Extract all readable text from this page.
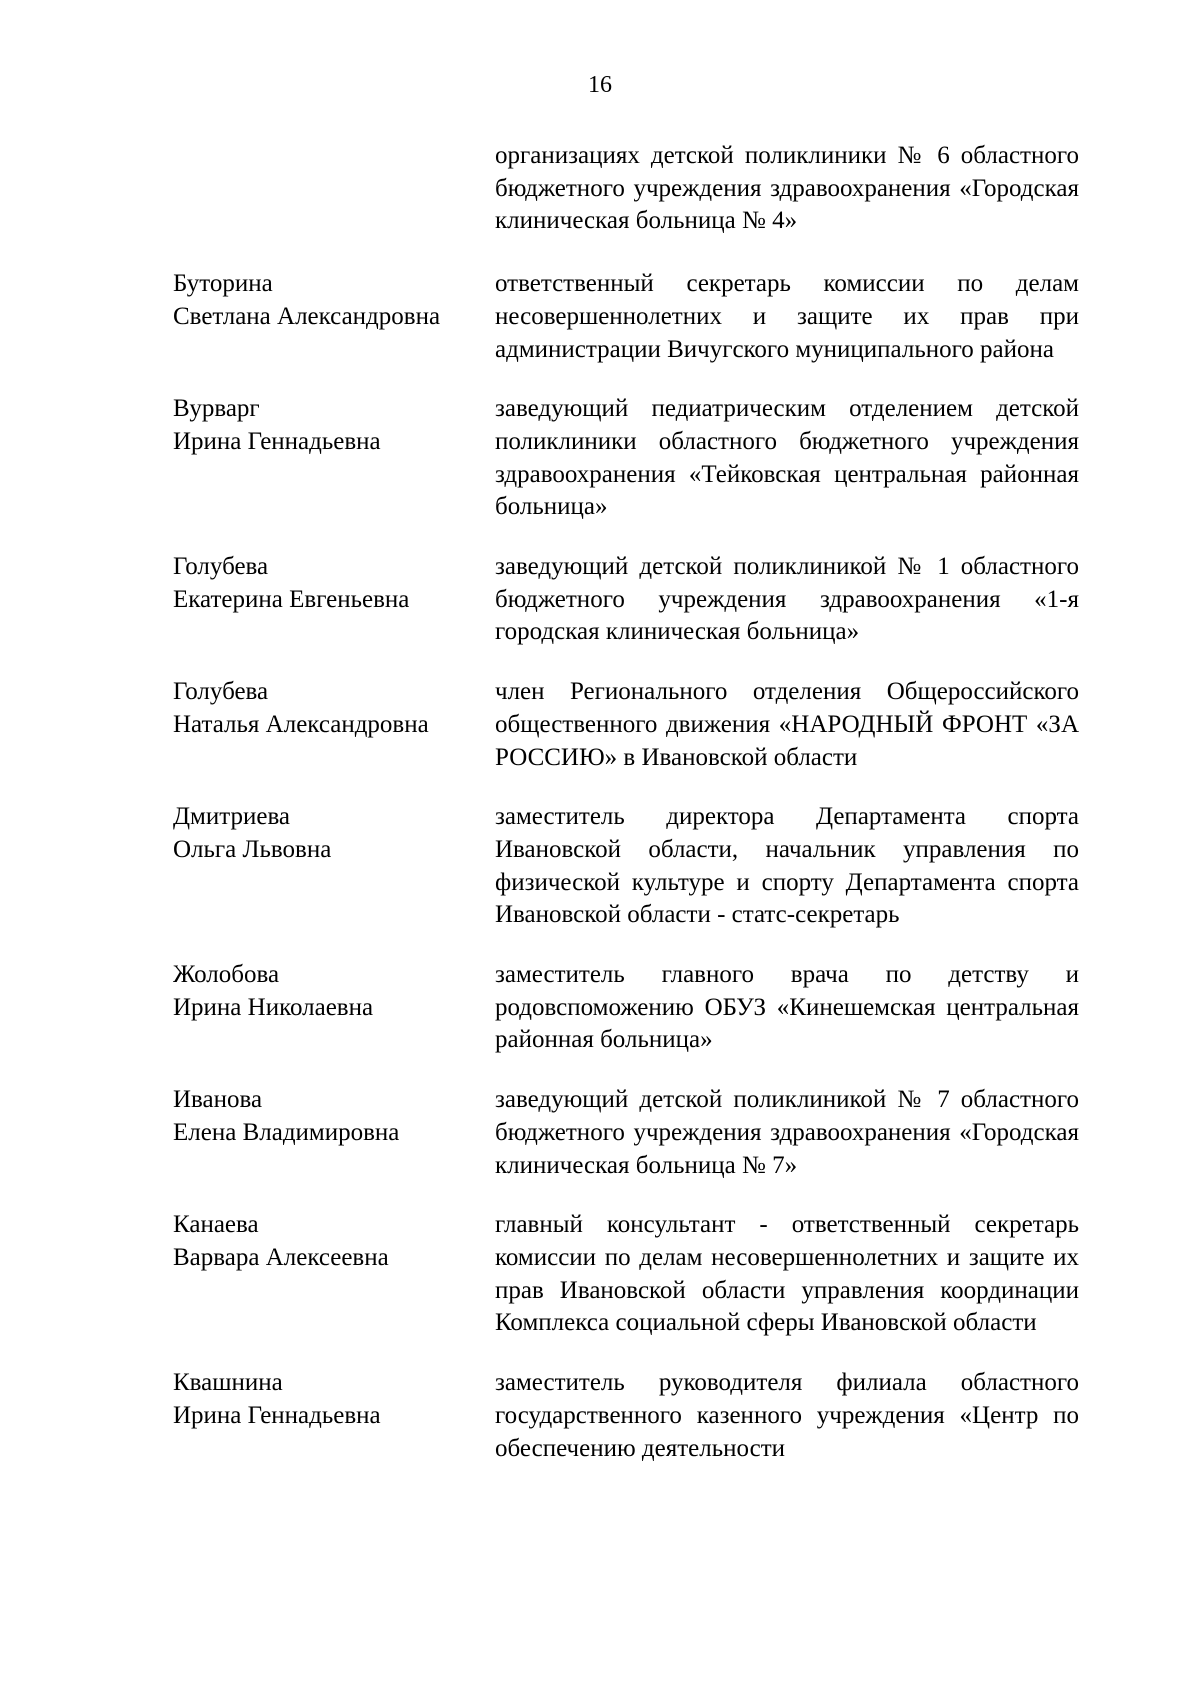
16
организациях детской поликлиники № 6 областного бюджетного учреждения здравоохранения «Городская клиническая больница № 4»
Буторина
Светлана Александровна
ответственный секретарь комиссии по делам несовершеннолетних и защите их прав при администрации Вичугского муниципального района
Вурварг
Ирина Геннадьевна
заведующий педиатрическим отделением детской поликлиники областного бюджетного учреждения здравоохранения «Тейковская центральная районная больница»
Голубева
Екатерина Евгеньевна
заведующий детской поликлиникой № 1 областного бюджетного учреждения здравоохранения «1-я городская клиническая больница»
Голубева
Наталья Александровна
член Регионального отделения Общероссийского общественного движения «НАРОДНЫЙ ФРОНТ «ЗА РОССИЮ» в Ивановской области
Дмитриева
Ольга Львовна
заместитель директора Департамента спорта Ивановской области, начальник управления по физической культуре и спорту Департамента спорта Ивановской области - статс-секретарь
Жолобова
Ирина Николаевна
заместитель главного врача по детству и родовспоможению ОБУЗ «Кинешемская центральная районная больница»
Иванова
Елена Владимировна
заведующий детской поликлиникой № 7 областного бюджетного учреждения здравоохранения «Городская клиническая больница № 7»
Канаева
Варвара Алексеевна
главный консультант - ответственный секретарь комиссии по делам несовершеннолетних и защите их прав Ивановской области управления координации Комплекса социальной сферы Ивановской области
Квашнина
Ирина Геннадьевна
заместитель руководителя филиала областного государственного казенного учреждения «Центр по обеспечению деятельности
